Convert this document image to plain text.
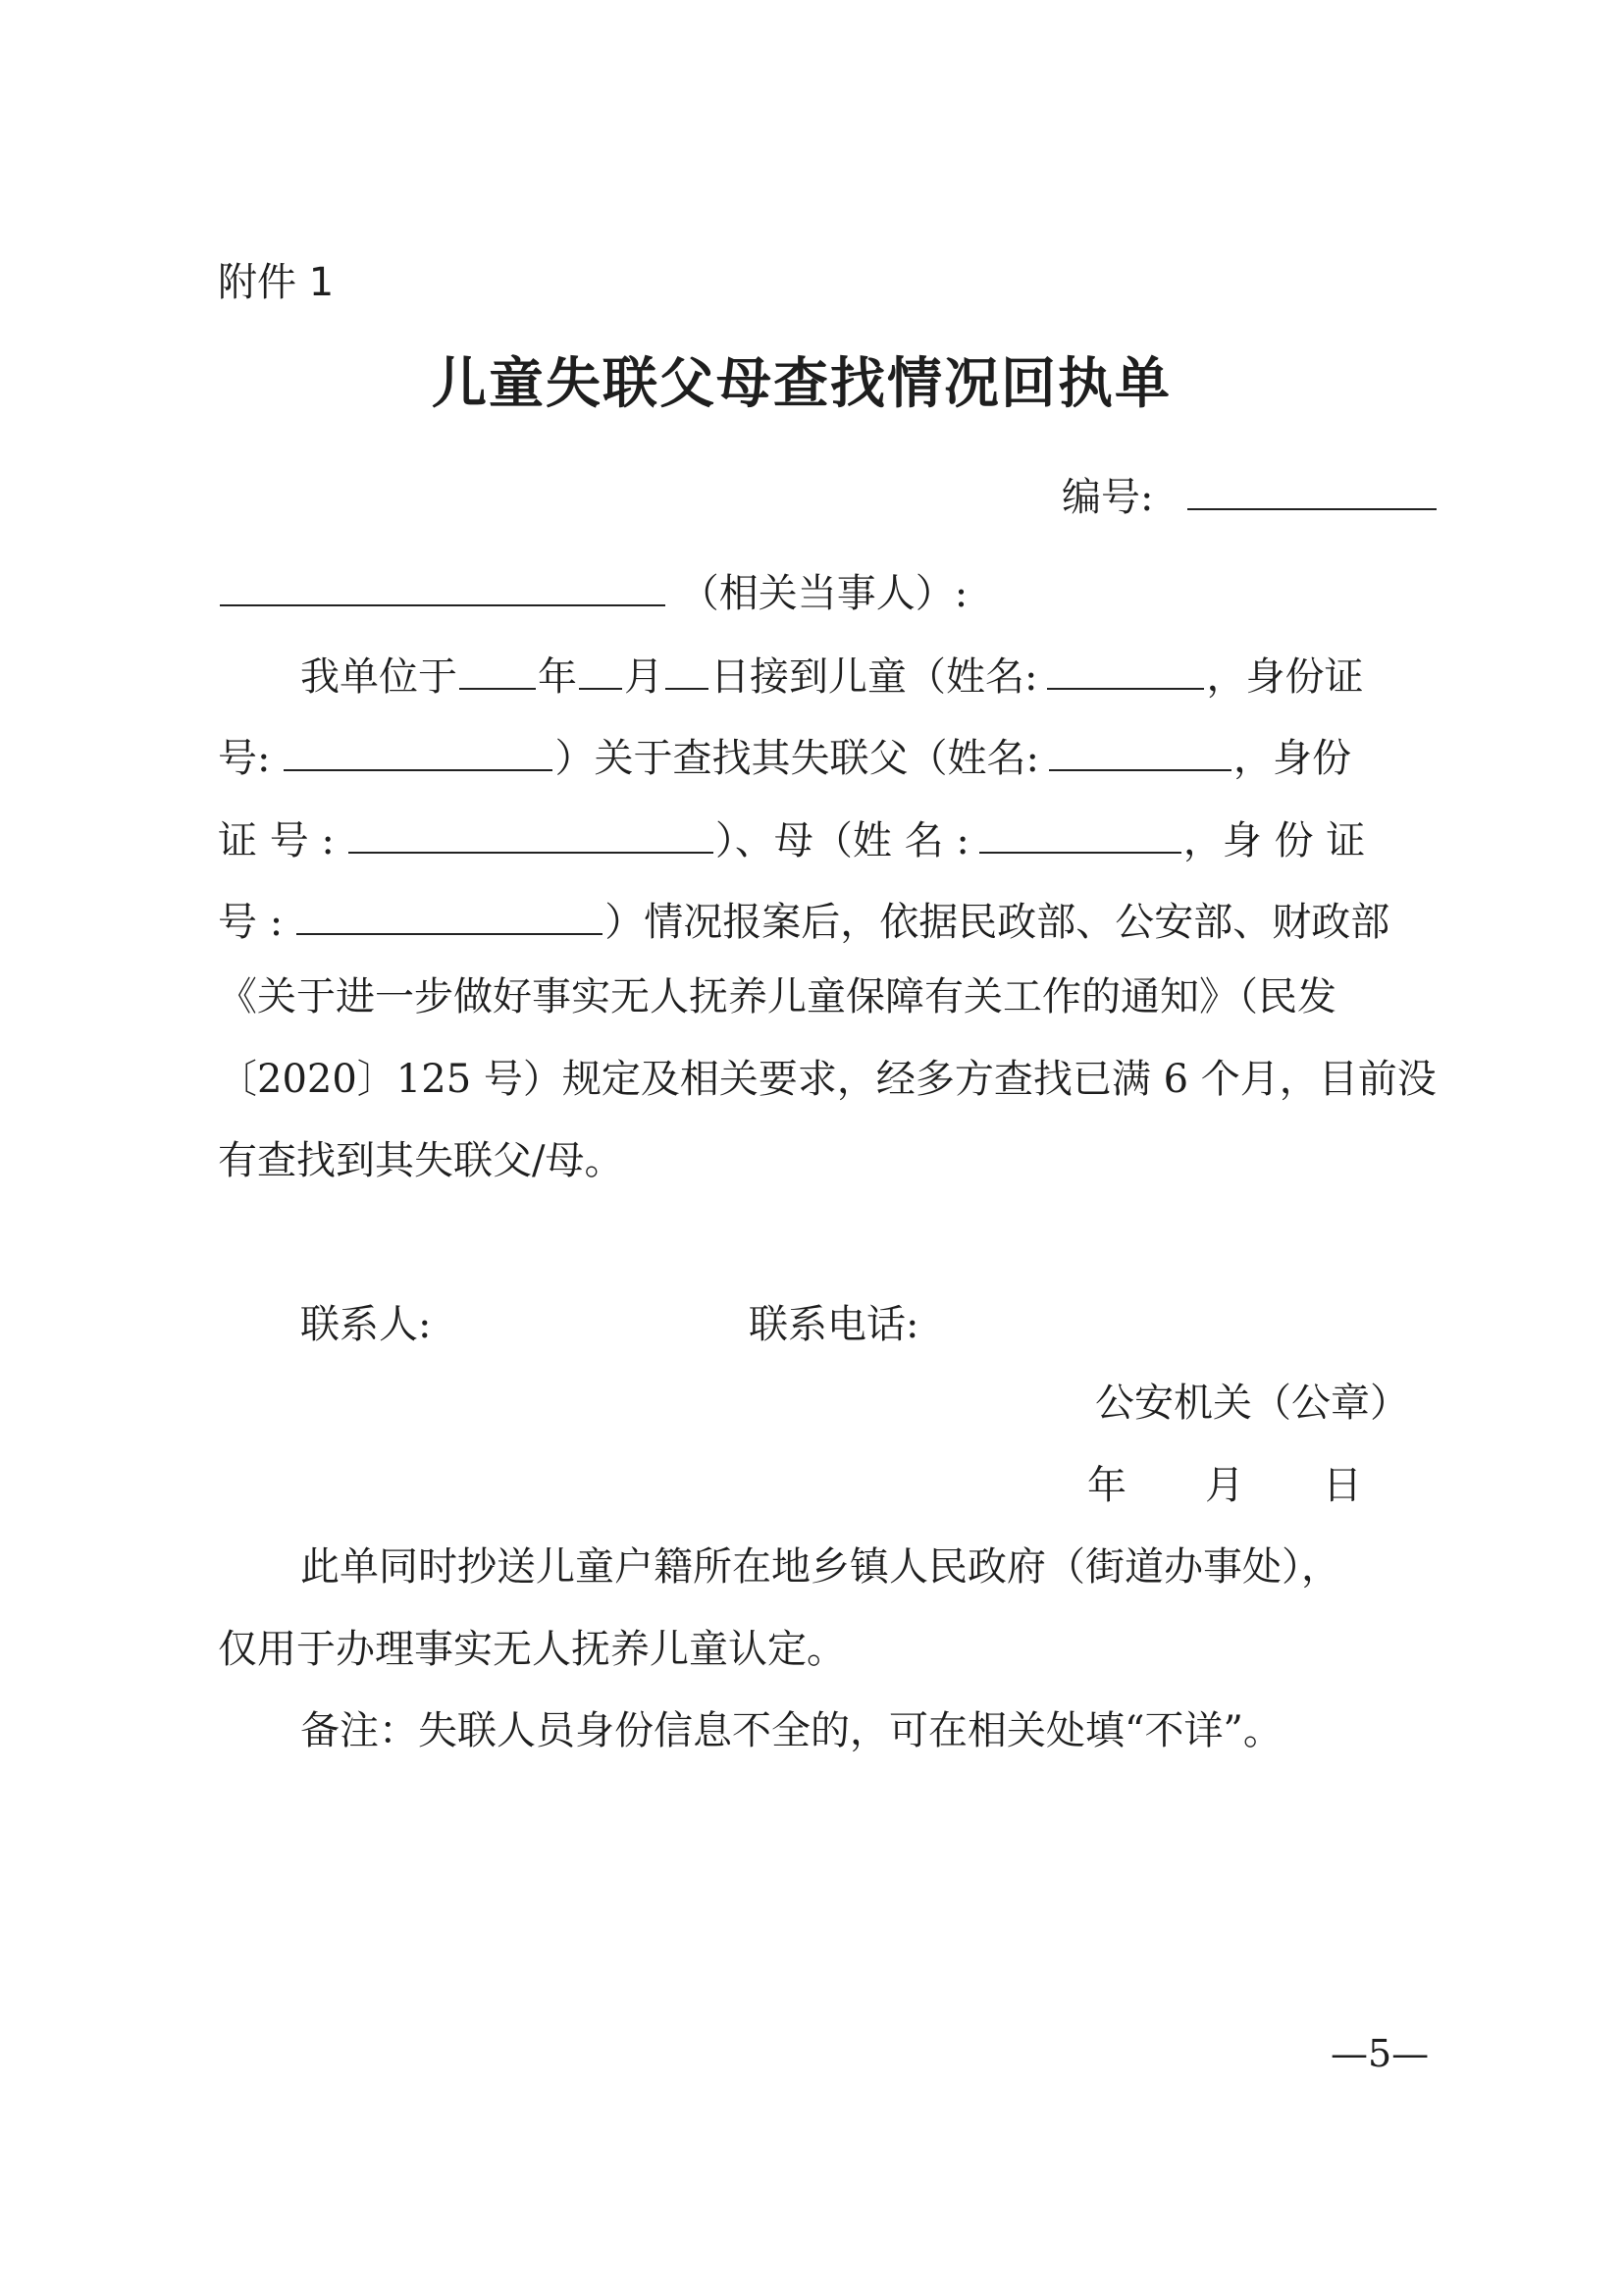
附件 1
儿童失联父母查找情况回执单
编号:
（相关当事人）:
我单位于 年 月 日接到儿童（姓名:	，身份证
号:	）关于查找其失联父（姓名:	，身份
证 号 :	）、母（姓 名 :	，身 份 证
号 :	）情况报案后，依据民政部、公安部、财政部
《关于进一步做好事实无人抚养儿童保障有关工作的通知》（民发
〔2020〕125 号）规定及相关要求，经多方查找已满 6 个月，目前没
有查找到其失联父/母。
联系人:	联系电话:
公安机关（公章）
年　　月　　日
此单同时抄送儿童户籍所在地乡镇人民政府（街道办事处），
仅用于办理事实无人抚养儿童认定。
备注：失联人员身份信息不全的，可在相关处填“不详”。
—5—
